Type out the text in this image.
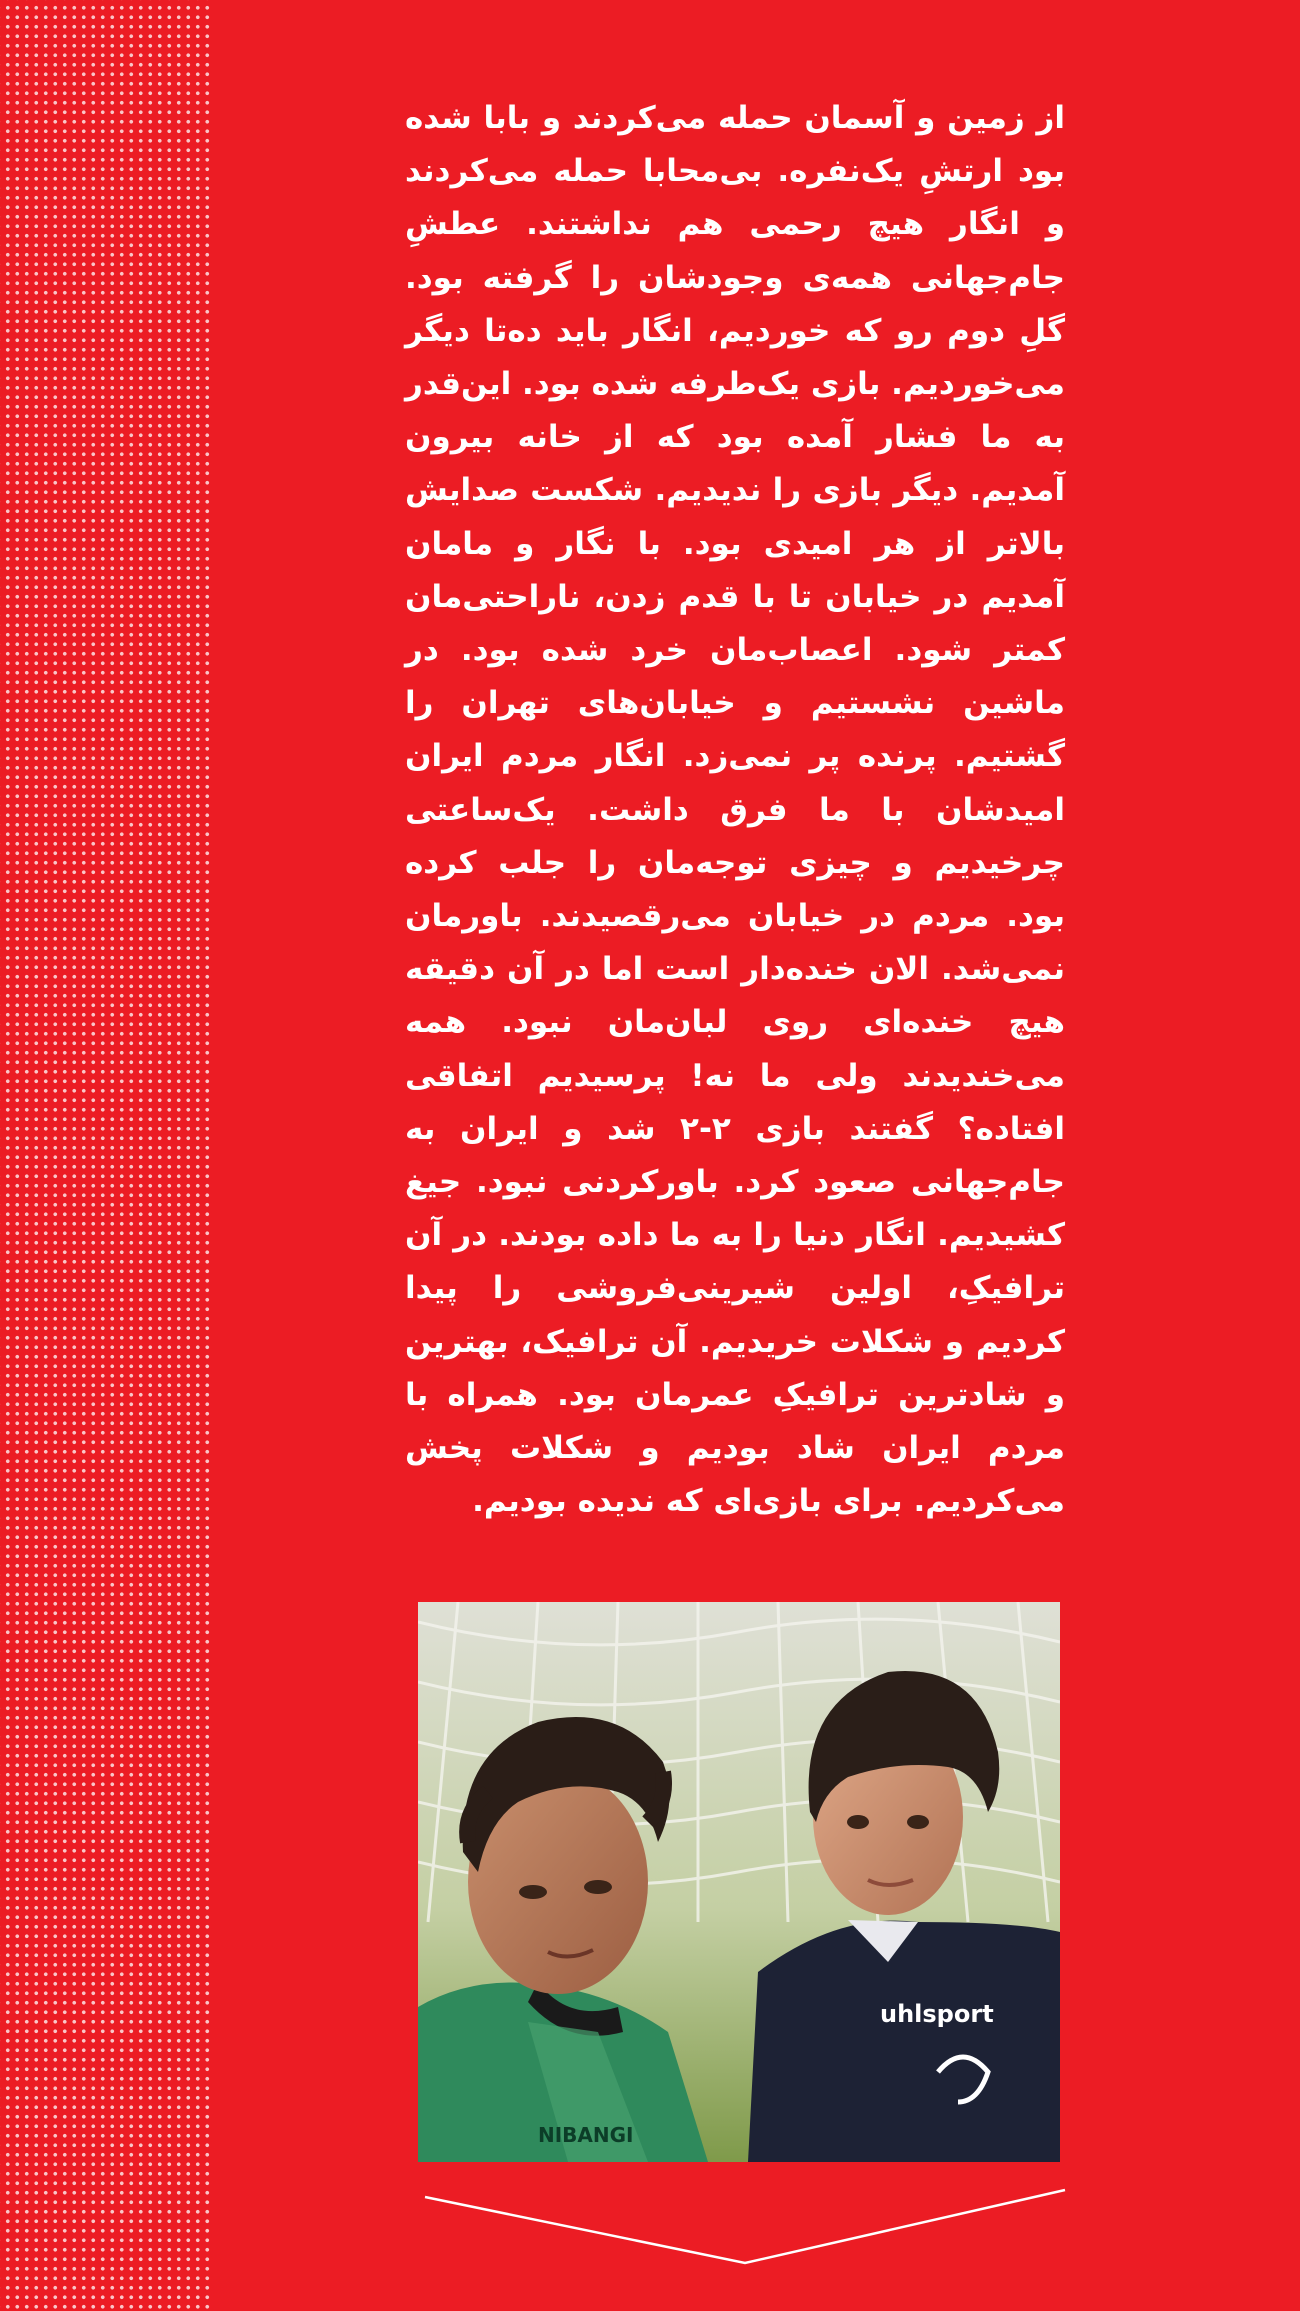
از زمین و آسمان حمله می‌کردند و بابا شده بود ارتشِ یک‌نفره. بی‌محابا حمله می‌کردند و انگار هیچ رحمی هم نداشتند. عطشِ جام‌جهانی همه‌ی وجودشان را گرفته بود. گلِ دوم رو که خوردیم، انگار باید ده‌تا دیگر می‌خوردیم. بازی یک‌طرفه شده بود. این‌قدر به ما فشار آمده بود که از خانه بیرون آمدیم. دیگر بازی را ندیدیم. شکست صدایش بالاتر از هر امیدی بود. با نگار و مامان آمدیم در خیابان تا با قدم زدن، ناراحتی‌مان کمتر شود. اعصاب‌مان خرد شده بود. در ماشین نشستیم و خیابان‌های تهران را گشتیم. پرنده پر نمی‌زد. انگار مردم ایران امیدشان با ما فرق داشت. یک‌ساعتی چرخیدیم و چیزی توجه‌مان را جلب کرده بود. مردم در خیابان می‌رقصیدند. باورمان نمی‌شد. الان خنده‌دار است اما در آن دقیقه هیچ خنده‌ای روی لبان‌مان نبود. همه می‌خندیدند ولی ما نه! پرسیدیم اتفاقی افتاده؟ گفتند بازی ۲-۲ شد و ایران به جام‌جهانی صعود کرد. باورکردنی نبود. جیغ کشیدیم. انگار دنیا را به ما داده بودند. در آن ترافیکِ، اولین شیرینی‌فروشی را پیدا کردیم و شکلات خریدیم. آن ترافیک، بهترین و شادترین ترافیکِ عمرمان بود. همراه با مردم ایران شاد بودیم و شکلات پخش می‌کردیم. برای بازی‌ای که ندیده بودیم.

NIBANGI
uhlsport
